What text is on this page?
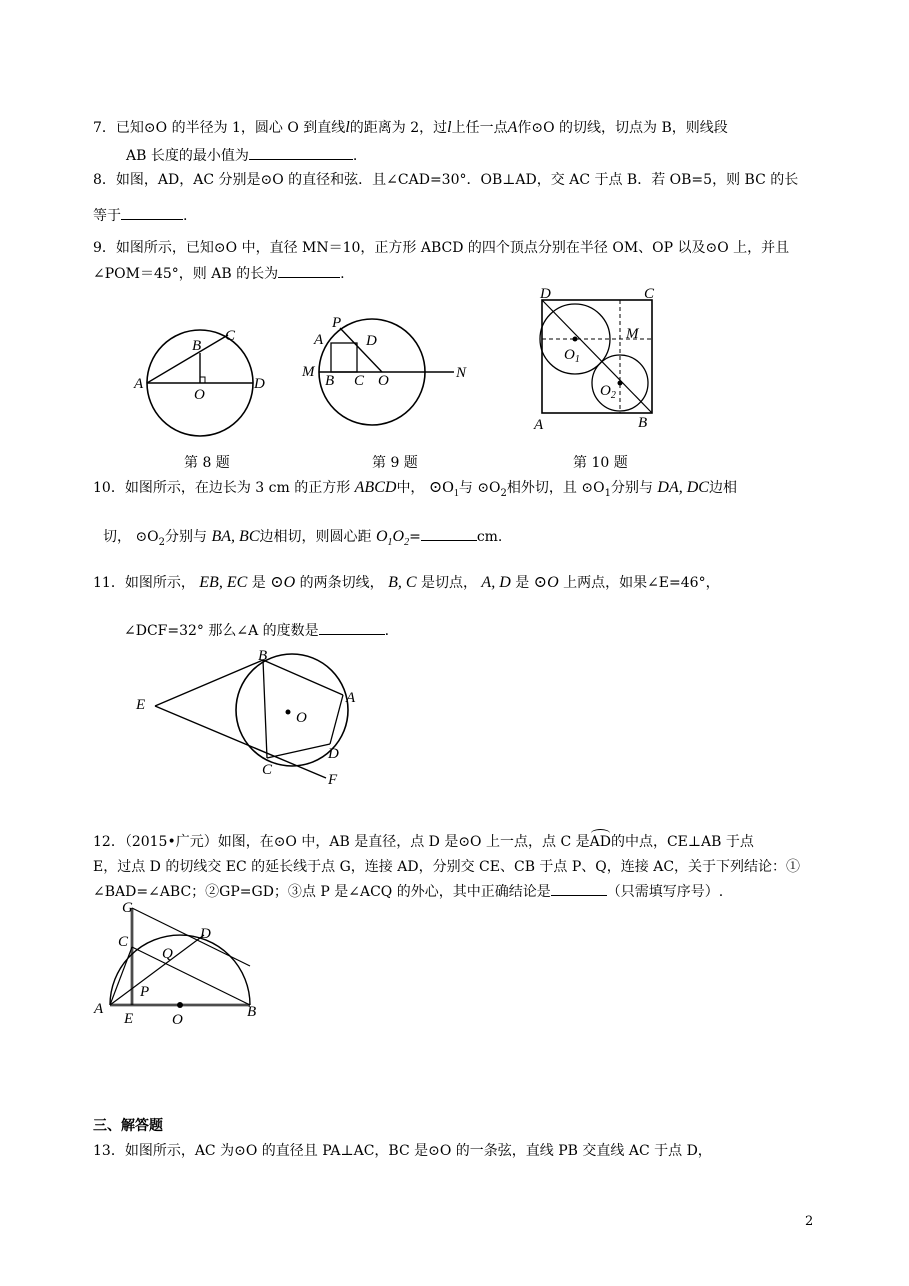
7．已知⊙O 的半径为 1，圆心 O 到直线l的距离为 2，过l上任一点A作⊙O 的切线，切点为 B，则线段
AB 长度的最小值为	.
8．如图，AD，AC 分别是⊙O 的直径和弦．且∠CAD=30°．OB⊥AD，交 AC 于点 B．若 OB=5，则 BC 的长
等于	.
9．如图所示，已知⊙O 中，直径 MN＝10，正方形 ABCD 的四个顶点分别在半径 OM、OP 以及⊙O 上，并且
∠POM＝45°，则 AB 的长为	.
A
B
C
O
D
第 8 题
P
A	D
M
B C O	N
第 9 题
D	C
M
$O_1$
$O_2$
A	B
第 10 题
10．如图所示，在边长为 3 cm 的正方形 ABCD中， $⊙O_1$与 $⊙O_2$相外切，且 $⊙O_1$分别与 DA, DC边相
切， $⊙O_2$分别与 BA, BC边相切，则圆心距 $O_1O_2=$	cm.
11．如图所示， EB, EC 是 ⊙O 的两条切线， B, C 是切点， A, D 是 ⊙O 上两点，如果∠E=46°，
∠DCF=32° 那么∠A 的度数是	.
B
A
E
O
D
C
F
12．（2015•广元）如图，在⊙O 中，AB 是直径，点 D 是⊙O 上一点，点 C 是AD的中点，CE⊥AB 于点
E，过点 D 的切线交 EC 的延长线于点 G，连接 AD，分别交 CE、CB 于点 P、Q，连接 AC，关于下列结论：①
∠BAD=∠ABC；②GP=GD；③点 P 是∠ACQ 的外心，其中正确结论是	（只需填写序号）.
G
C	D
Q
P
A
E	O	B
三、解答题
13．如图所示，AC 为⊙O 的直径且 PA⊥AC，BC 是⊙O 的一条弦，直线 PB 交直线 AC 于点 D，
2
